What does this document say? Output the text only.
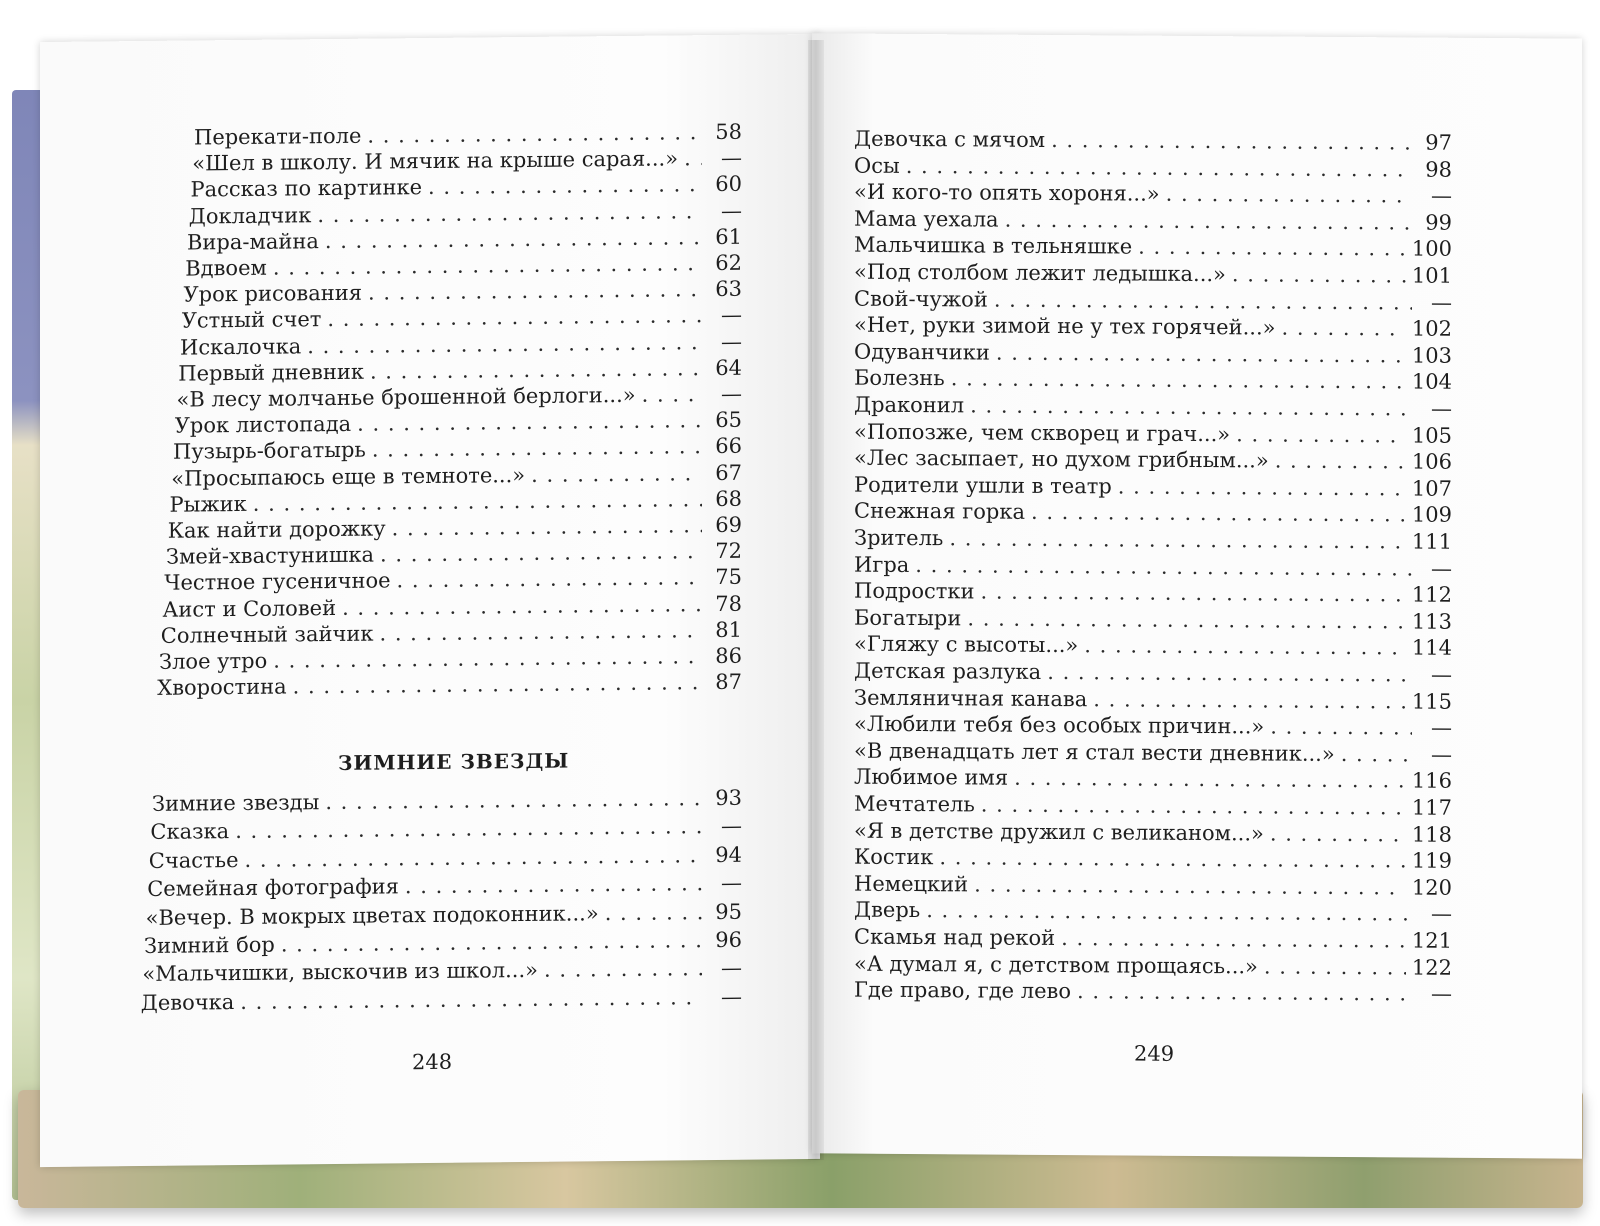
Перекати-поле . . .	58
«Шел в школу. И мячик на крыше сарая...» . . .	—
Рассказ по картинке . . .	60
Докладчик . . .	—
Вира-майна . . .	61
Вдвоем . . .	62
Урок рисования . . .	63
Устный счет . . .	—
Искалочка . . .	—
Первый дневник . . .	64
«В лесу молчанье брошенной берлоги...» . . .	—
Урок листопада . . .	65
Пузырь-богатырь . . .	66
«Просыпаюсь еще в темноте...» . . .	67
Рыжик . . .	68
Как найти дорожку . . .	69
Змей-хвастунишка . . .	72
Честное гусеничное . . .	75
Аист и Соловей . . .	78
Солнечный зайчик . . .	81
Злое утро . . .	86
Хворостина . . .	87
ЗИМНИЕ ЗВЕЗДЫ
Зимние звезды . . .	93
Сказка . . .	—
Счастье . . .	94
Семейная фотография . . .	—
«Вечер. В мокрых цветах подоконник...» . . .	95
Зимний бор . . .	96
«Мальчишки, выскочив из школ...» . . .	—
Девочка . . .	—
248
Девочка с мячом . . .	97
Осы . . .	98
«И кого-то опять хороня...» . . .	—
Мама уехала . . .	99
Мальчишка в тельняшке . . .	100
«Под столбом лежит ледышка...» . . .	101
Свой-чужой . . .	—
«Нет, руки зимой не у тех горячей...» . . .	102
Одуванчики . . .	103
Болезнь . . .	104
Драконил . . .	—
«Попозже, чем скворец и грач...» . . .	105
«Лес засыпает, но духом грибным...» . . .	106
Родители ушли в театр . . .	107
Снежная горка . . .	109
Зритель . . .	111
Игра . . .	—
Подростки . . .	112
Богатыри . . .	113
«Гляжу с высоты...» . . .	114
Детская разлука . . .	—
Земляничная канава . . .	115
«Любили тебя без особых причин...» . . .	—
«В двенадцать лет я стал вести дневник...» . . .	—
Любимое имя . . .	116
Мечтатель . . .	117
«Я в детстве дружил с великаном...» . . .	118
Костик . . .	119
Немецкий . . .	120
Дверь . . .	—
Скамья над рекой . . .	121
«А думал я, с детством прощаясь...» . . .	122
Где право, где лево . . .	—
249
